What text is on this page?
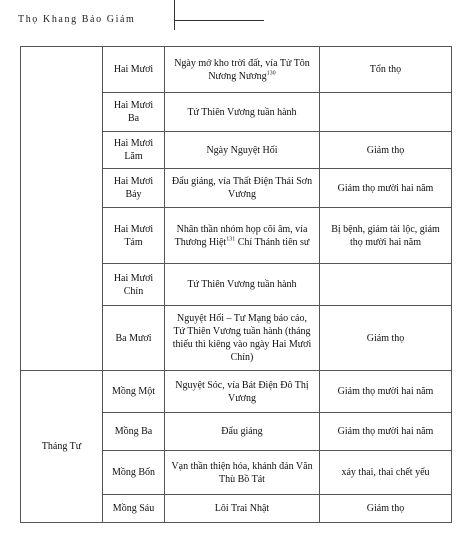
Thọ Khang Bảo Giám
	Hai Mươi	Ngày mở kho trời đất, vía Tử Tôn Nương Nương$^{130}$	Tổn thọ
	Hai Mươi Ba	Tứ Thiên Vương tuần hành	
	Hai Mươi Lăm	Ngày Nguyệt Hối	Giảm thọ
	Hai Mươi Bảy	Đẩu giáng, vía Thất Điện Thái Sơn Vương	Giảm thọ mười hai năm
	Hai Mươi Tám	Nhân thần nhóm họp cõi âm, vía Thương Hiệt$^{131}$ Chí Thánh tiên sư	Bị bệnh, giảm tài lộc, giảm thọ mười hai năm
	Hai Mươi Chín	Tứ Thiên Vương tuần hành	
	Ba Mươi	Nguyệt Hối – Tư Mạng báo cáo, Tứ Thiên Vương tuần hành (tháng thiếu thì kiêng vào ngày Hai Mươi Chín)	Giảm thọ
Tháng Tư	Mồng Một	Nguyệt Sóc, vía Bát Điện Đô Thị Vương	Giảm thọ mười hai năm
	Mồng Ba	Đẩu giáng	Giảm thọ mười hai năm
	Mồng Bốn	Vạn thần thiện hóa, khánh đản Văn Thù Bồ Tát	xảy thai, thai chết yểu
	Mồng Sáu	Lôi Trai Nhật	Giảm thọ
